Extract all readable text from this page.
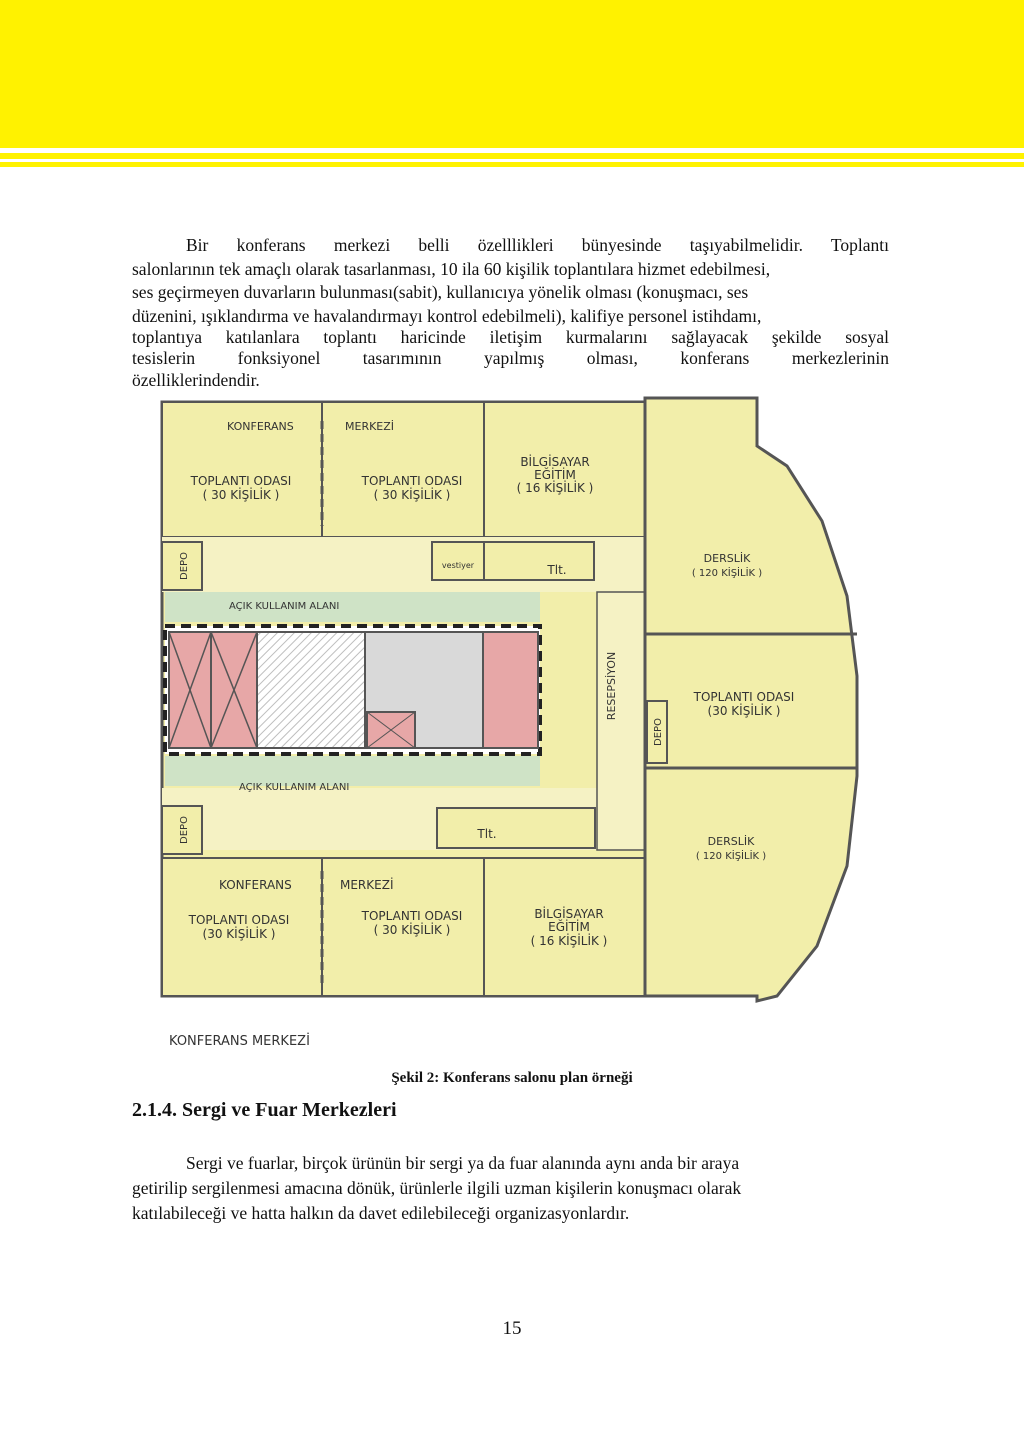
Bir konferans merkezi belli özelllikleri bünyesinde taşıyabilmelidir. Toplantı
salonlarının tek amaçlı olarak tasarlanması, 10 ila 60 kişilik toplantılara hizmet edebilmesi,
ses geçirmeyen duvarların bulunması(sabit), kullanıcıya yönelik olması (konuşmacı, ses
düzenini, ışıklandırma ve havalandırmayı kontrol edebilmeli), kalifiye personel istihdamı,
toplantıya katılanlara toplantı haricinde iletişim kurmalarını sağlayacak şekilde sosyal
tesislerin fonksiyonel tasarımının yapılmış olması, konferans merkezlerinin
özelliklerindendir.
KONFERANS	MERKEZİ
TOPLANTI ODASI
( 30 KİŞİLİK )
TOPLANTI ODASI
( 30 KİŞİLİK )
BİLGİSAYAR
EĞİTİM
( 16 KİŞİLİK )
DEPO	vestiyer	Tlt.
AÇIK KULLANIM ALANI
RESEPSİYON
DERSLİK
( 120 KİŞİLİK )
TOPLANTI ODASI
(30 KİŞİLİK )
DEPO
AÇIK KULLANIM ALANI
DEPO	Tlt.
DERSLİK
( 120 KİŞİLİK )
KONFERANS	MERKEZİ
TOPLANTI ODASI
(30 KİŞİLİK )
TOPLANTI ODASI
( 30 KİŞİLİK )
BİLGİSAYAR
EĞİTİM
( 16 KİŞİLİK )
KONFERANS MERKEZİ
Şekil 2: Konferans salonu plan örneği
2.1.4. Sergi ve Fuar Merkezleri
Sergi ve fuarlar, birçok ürünün bir sergi ya da fuar alanında aynı anda bir araya
getirilip sergilenmesi amacına dönük, ürünlerle ilgili uzman kişilerin konuşmacı olarak
katılabileceği ve hatta halkın da davet edilebileceği organizasyonlardır.
15
